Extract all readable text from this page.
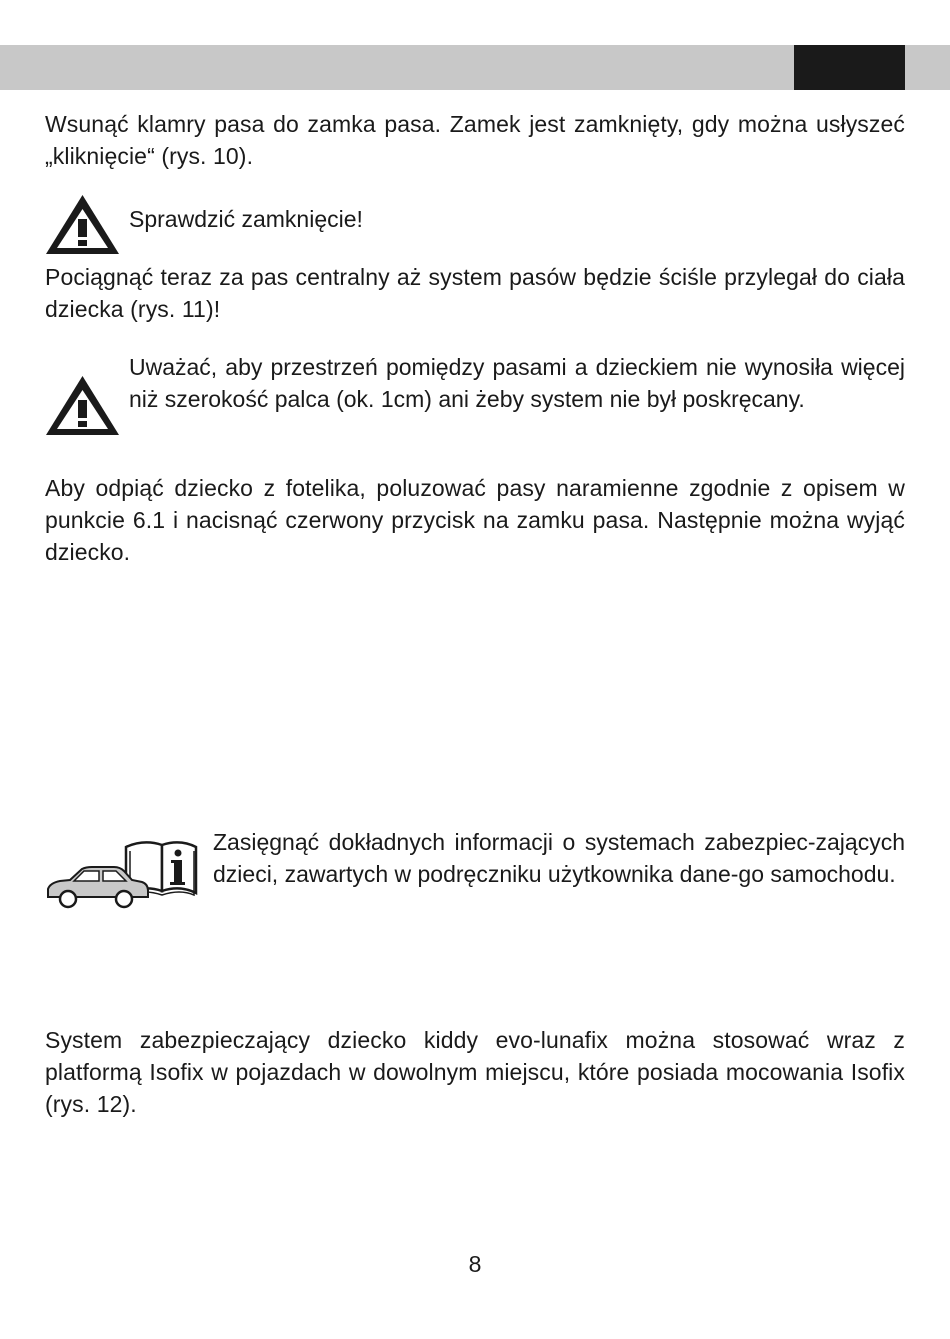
Wsunąć klamry pasa do zamka pasa. Zamek jest zamknięty, gdy można usłyszeć „kliknięcie“ (rys. 10).

Sprawdzić zamknięcie!

Pociągnąć teraz za pas centralny aż system pasów będzie ściśle przylegał do ciała dziecka (rys. 11)!

Uważać, aby przestrzeń pomiędzy pasami a dzieckiem nie wynosiła więcej niż szerokość palca (ok. 1cm) ani żeby system nie był poskręcany.

Aby odpiąć dziecko z fotelika, poluzować pasy naramienne zgodnie z opisem w punkcie 6.1 i nacisnąć czerwony przycisk na zamku pasa. Następnie można wyjąć dziecko.

Zasięgnąć dokładnych informacji o systemach zabezpiec-zających dzieci, zawartych w podręczniku użytkownika dane-go samochodu.

System zabezpieczający dziecko kiddy evo-lunafix można stosować wraz z platformą Isofix w pojazdach w dowolnym miejscu, które posiada mocowania Isofix (rys. 12).

8
